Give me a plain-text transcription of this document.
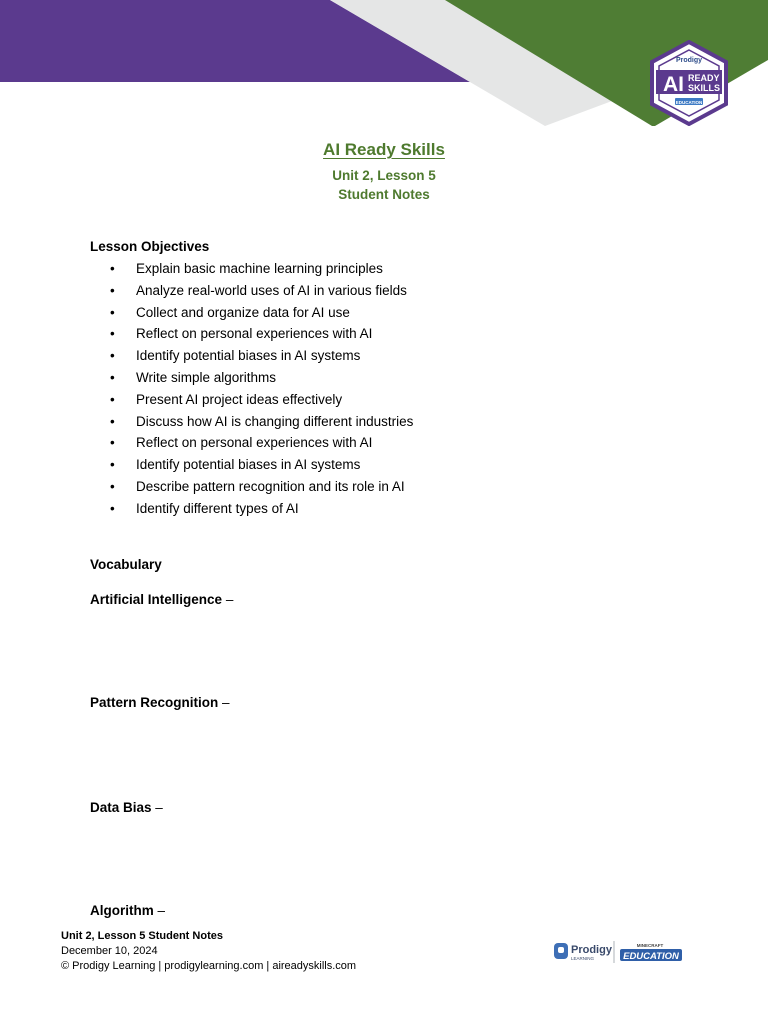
Prodigy
AI READY
SKILLS
EDUCATION
AI Ready Skills
Unit 2, Lesson 5
Student Notes
Lesson Objectives
• Explain basic machine learning principles
• Analyze real-world uses of AI in various fields
• Collect and organize data for AI use
• Reflect on personal experiences with AI
• Identify potential biases in AI systems
• Write simple algorithms
• Present AI project ideas effectively
• Discuss how AI is changing different industries
• Reflect on personal experiences with AI
• Identify potential biases in AI systems
• Describe pattern recognition and its role in AI
• Identify different types of AI
Vocabulary
Artificial Intelligence –
Pattern Recognition –
Data Bias –
Algorithm –
Unit 2, Lesson 5 Student Notes
December 10, 2024
© Prodigy Learning | prodigylearning.com | aireadyskills.com
Prodigy
LEARNING
MINECRAFT
EDUCATION
